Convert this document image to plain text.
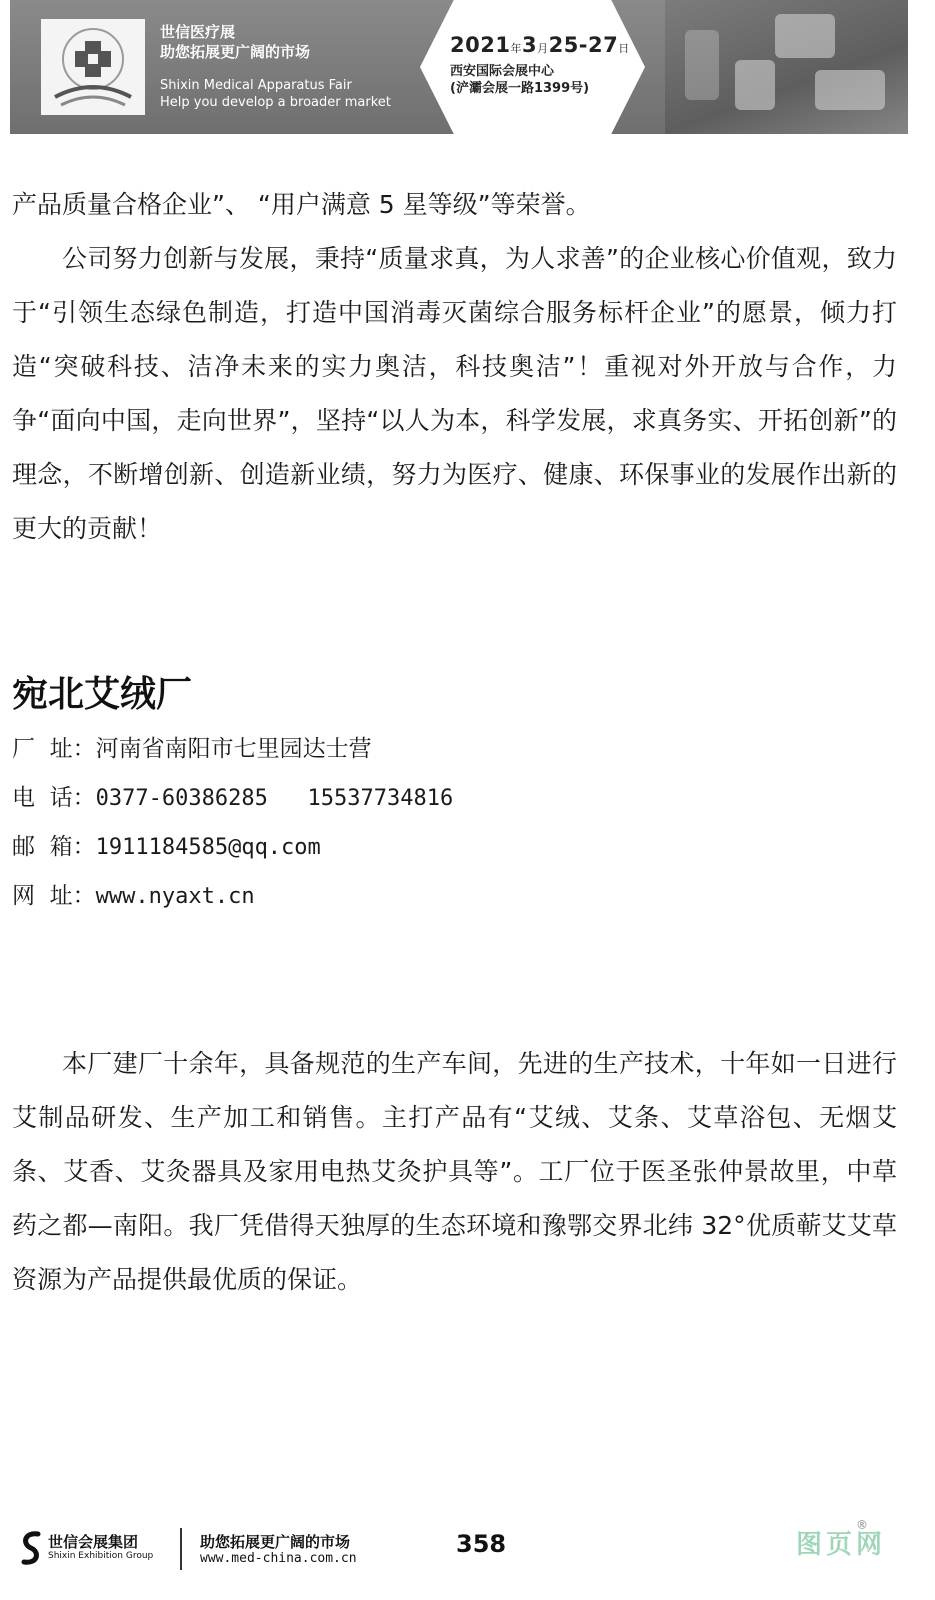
世信医疗展
助您拓展更广阔的市场
Shixin Medical Apparatus Fair
Help you develop a broader market
2021年3月25-27日
西安国际会展中心
(浐灞会展一路1399号)

产品质量合格企业”、 “用户满意 5 星等级”等荣誉。

公司努力创新与发展，秉持“质量求真，为人求善”的企业核心价值观，致力于“引领生态绿色制造，打造中国消毒灭菌综合服务标杆企业”的愿景，倾力打造“突破科技、洁净未来的实力奥洁，科技奥洁”！重视对外开放与合作，力争“面向中国，走向世界”，坚持“以人为本，科学发展，求真务实、开拓创新”的理念，不断增创新、创造新业绩，努力为医疗、健康、环保事业的发展作出新的更大的贡献！

宛北艾绒厂
厂  址：河南省南阳市七里园达士营
电  话：0377-60386285   15537734816
邮  箱：1911184585@qq.com
网  址：www.nyaxt.cn

本厂建厂十余年，具备规范的生产车间，先进的生产技术，十年如一日进行艾制品研发、生产加工和销售。主打产品有“艾绒、艾条、艾草浴包、无烟艾条、艾香、艾灸器具及家用电热艾灸护具等”。工厂位于医圣张仲景故里，中草药之都—南阳。我厂凭借得天独厚的生态环境和豫鄂交界北纬 32°优质蕲艾艾草资源为产品提供最优质的保证。

世信会展集团
Shixin Exhibition Group
助您拓展更广阔的市场
www.med-china.com.cn
358	图页网®
